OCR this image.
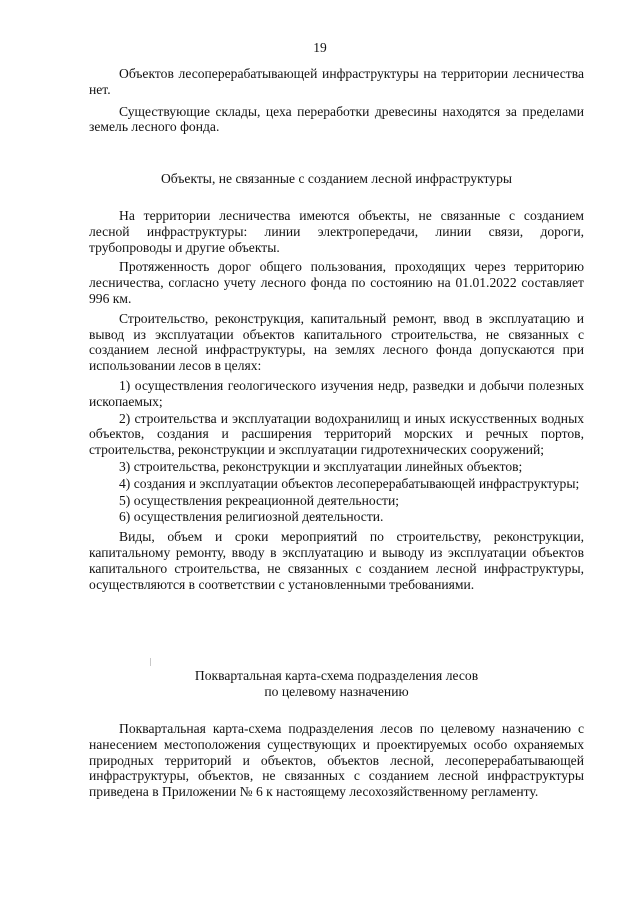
19

Объектов лесоперерабатывающей инфраструктуры на территории лесничества нет.

Существующие склады, цеха переработки древесины находятся за пределами земель лесного фонда.

Объекты, не связанные с созданием лесной инфраструктуры

На территории лесничества имеются объекты, не связанные с созданием лесной инфраструктуры: линии электропередачи, линии связи, дороги, трубопроводы и другие объекты.

Протяженность дорог общего пользования, проходящих через территорию лесничества, согласно учету лесного фонда по состоянию на 01.01.2022 составляет 996 км.

Строительство, реконструкция, капитальный ремонт, ввод в эксплуатацию и вывод из эксплуатации объектов капитального строительства, не связанных с созданием лесной инфраструктуры, на землях лесного фонда допускаются при использовании лесов в целях:

1) осуществления геологического изучения недр, разведки и добычи полезных ископаемых;

2) строительства и эксплуатации водохранилищ и иных искусственных водных объектов, создания и расширения территорий морских и речных портов, строительства, реконструкции и эксплуатации гидротехнических сооружений;

3) строительства, реконструкции и эксплуатации линейных объектов;

4) создания и эксплуатации объектов лесоперерабатывающей инфраструктуры;

5) осуществления рекреационной деятельности;

6) осуществления религиозной деятельности.

Виды, объем и сроки мероприятий по строительству, реконструкции, капитальному ремонту, вводу в эксплуатацию и выводу из эксплуатации объектов капитального строительства, не связанных с созданием лесной инфраструктуры, осуществляются в соответствии с установленными требованиями.

Поквартальная карта-схема подразделения лесов
по целевому назначению

Поквартальная карта-схема подразделения лесов по целевому назначению с нанесением местоположения существующих и проектируемых особо охраняемых природных территорий и объектов, объектов лесной, лесоперерабатывающей инфраструктуры, объектов, не связанных с созданием лесной инфраструктуры приведена в Приложении № 6 к настоящему лесохозяйственному регламенту.
